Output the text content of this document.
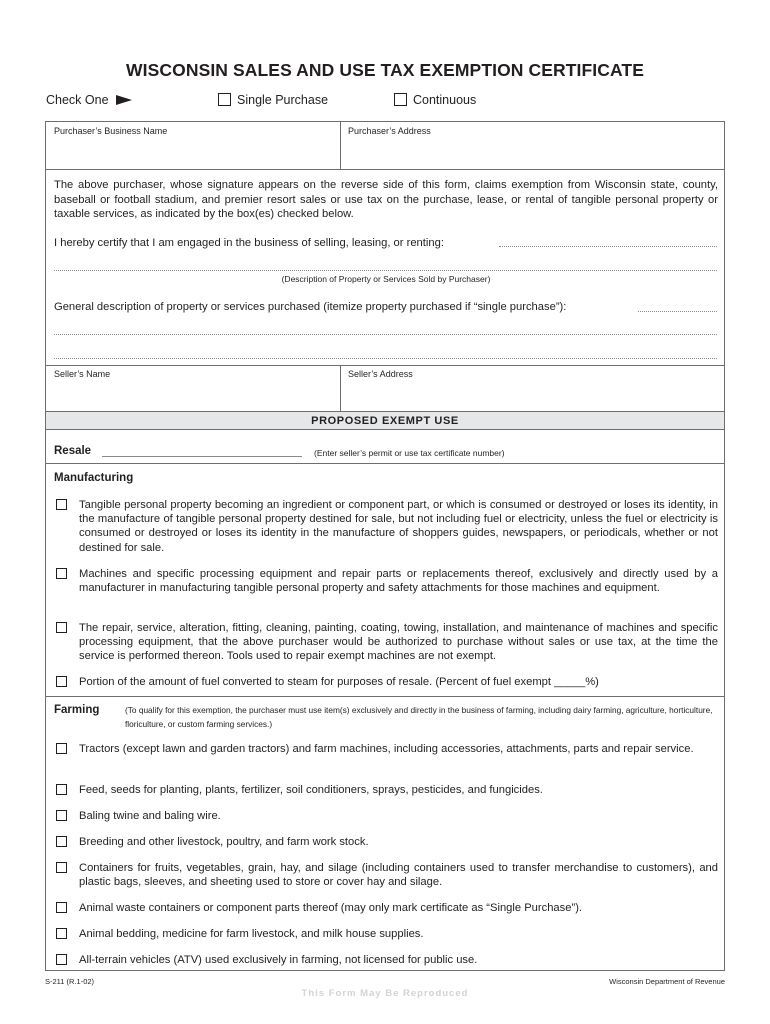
WISCONSIN SALES AND USE TAX EXEMPTION CERTIFICATE
Check One	Single Purchase	Continuous
Purchaser’s Business Name	Purchaser’s Address
The above purchaser, whose signature appears on the reverse side of this form, claims exemption from Wisconsin state, county, baseball or football stadium, and premier resort sales or use tax on the purchase, lease, or rental of tangible personal property or taxable services, as indicated by the box(es) checked below.
I hereby certify that I am engaged in the business of selling, leasing, or renting:
(Description of Property or Services Sold by Purchaser)
General description of property or services purchased (itemize property purchased if “single purchase”):
Seller’s Name	Seller’s Address
PROPOSED EXEMPT USE
Resale	(Enter seller’s permit or use tax certificate number)
Manufacturing
Tangible personal property becoming an ingredient or component part, or which is consumed or destroyed or loses its identity, in the manufacture of tangible personal property destined for sale, but not including fuel or electricity, unless the fuel or electricity is consumed or destroyed or loses its identity in the manufacture of shoppers guides, newspapers, or periodicals, whether or not destined for sale.
Machines and specific processing equipment and repair parts or replacements thereof, exclusively and directly used by a manufacturer in manufacturing tangible personal property and safety attachments for those machines and equipment.
The repair, service, alteration, fitting, cleaning, painting, coating, towing, installation, and maintenance of machines and specific processing equipment, that the above purchaser would be authorized to purchase without sales or use tax, at the time the service is performed thereon. Tools used to repair exempt machines are not exempt.
Portion of the amount of fuel converted to steam for purposes of resale. (Percent of fuel exempt _____%)
Farming	(To qualify for this exemption, the purchaser must use item(s) exclusively and directly in the business of farming, including dairy farming, agriculture, horticulture, floriculture, or custom farming services.)
Tractors (except lawn and garden tractors) and farm machines, including accessories, attachments, parts and repair service.
Feed, seeds for planting, plants, fertilizer, soil conditioners, sprays, pesticides, and fungicides.
Baling twine and baling wire.
Breeding and other livestock, poultry, and farm work stock.
Containers for fruits, vegetables, grain, hay, and silage (including containers used to transfer merchandise to customers), and plastic bags, sleeves, and sheeting used to store or cover hay and silage.
Animal waste containers or component parts thereof (may only mark certificate as “Single Purchase”).
Animal bedding, medicine for farm livestock, and milk house supplies.
All-terrain vehicles (ATV) used exclusively in farming, not licensed for public use.
S-211 (R.1-02)	Wisconsin Department of Revenue
This Form May Be Reproduced
